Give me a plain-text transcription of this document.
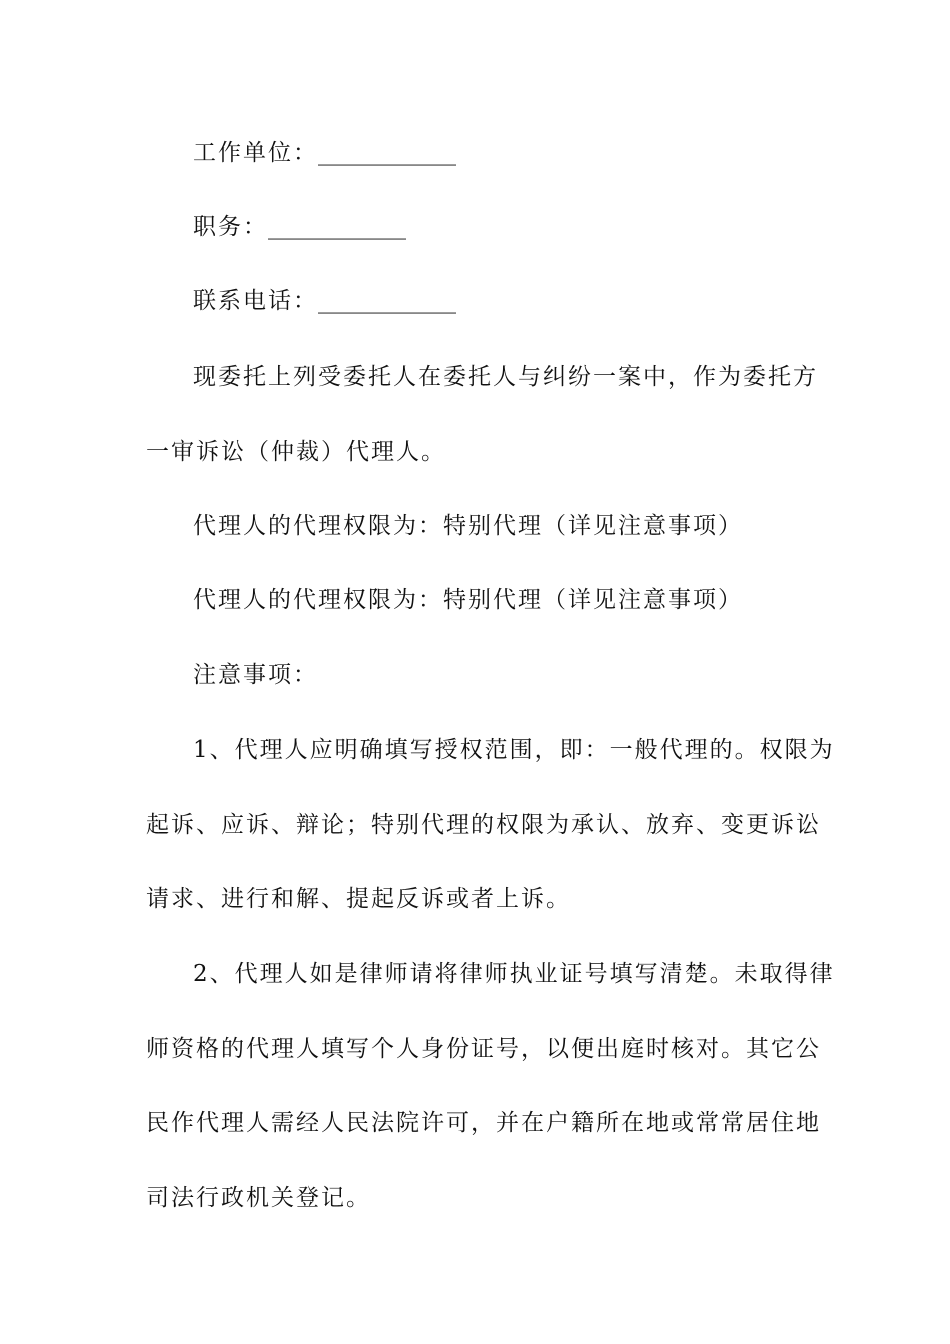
工作单位：____________
职务：____________
联系电话：____________
现委托上列受委托人在委托人与纠纷一案中，作为委托方
一审诉讼（仲裁）代理人。
代理人的代理权限为：特别代理（详见注意事项）
代理人的代理权限为：特别代理（详见注意事项）
注意事项：
1、代理人应明确填写授权范围，即：一般代理的。权限为
起诉、应诉、辩论；特别代理的权限为承认、放弃、变更诉讼
请求、进行和解、提起反诉或者上诉。
2、代理人如是律师请将律师执业证号填写清楚。未取得律
师资格的代理人填写个人身份证号，以便出庭时核对。其它公
民作代理人需经人民法院许可，并在户籍所在地或常常居住地
司法行政机关登记。
